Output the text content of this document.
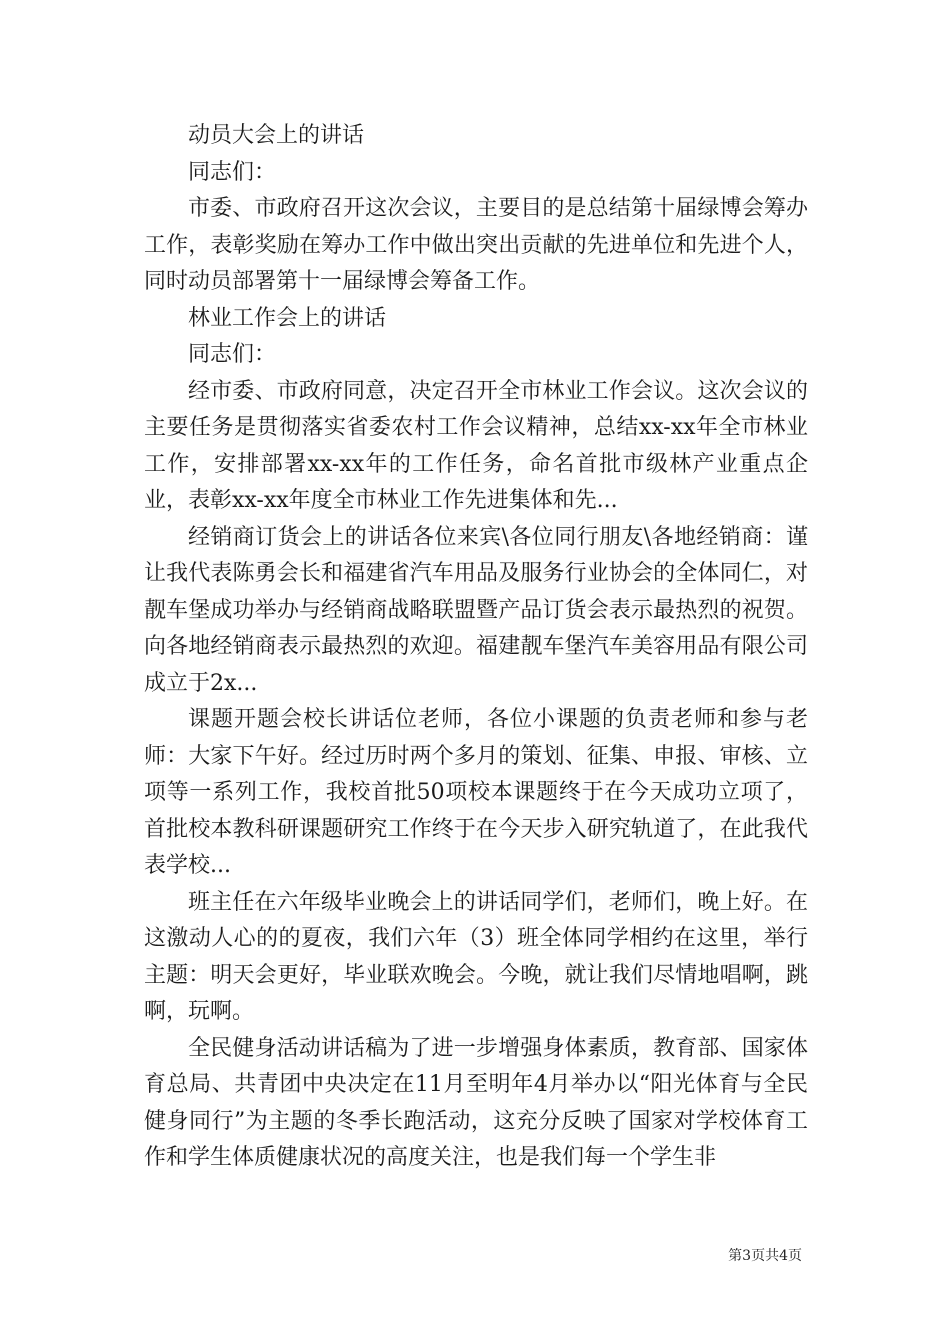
动员大会上的讲话

同志们：

市委、市政府召开这次会议，主要目的是总结第十届绿博会筹办工作，表彰奖励在筹办工作中做出突出贡献的先进单位和先进个人，同时动员部署第十一届绿博会筹备工作。

林业工作会上的讲话

同志们：

经市委、市政府同意，决定召开全市林业工作会议。这次会议的主要任务是贯彻落实省委农村工作会议精神，总结xx-xx年全市林业工作，安排部署xx-xx年的工作任务，命名首批市级林产业重点企业，表彰xx-xx年度全市林业工作先进集体和先...

经销商订货会上的讲话各位来宾\各位同行朋友\各地经销商：谨让我代表陈勇会长和福建省汽车用品及服务行业协会的全体同仁，对靓车堡成功举办与经销商战略联盟暨产品订货会表示最热烈的祝贺。向各地经销商表示最热烈的欢迎。福建靓车堡汽车美容用品有限公司成立于2x...

课题开题会校长讲话位老师，各位小课题的负责老师和参与老师：大家下午好。经过历时两个多月的策划、征集、申报、审核、立项等一系列工作，我校首批50项校本课题终于在今天成功立项了，首批校本教科研课题研究工作终于在今天步入研究轨道了，在此我代表学校...

班主任在六年级毕业晚会上的讲话同学们，老师们，晚上好。在这激动人心的的夏夜，我们六年（3）班全体同学相约在这里，举行主题：明天会更好，毕业联欢晚会。今晚，就让我们尽情地唱啊，跳啊，玩啊。

全民健身活动讲话稿为了进一步增强身体素质，教育部、国家体育总局、共青团中央决定在11月至明年4月举办以“阳光体育与全民健身同行”为主题的冬季长跑活动，这充分反映了国家对学校体育工作和学生体质健康状况的高度关注，也是我们每一个学生非

第3页共4页
